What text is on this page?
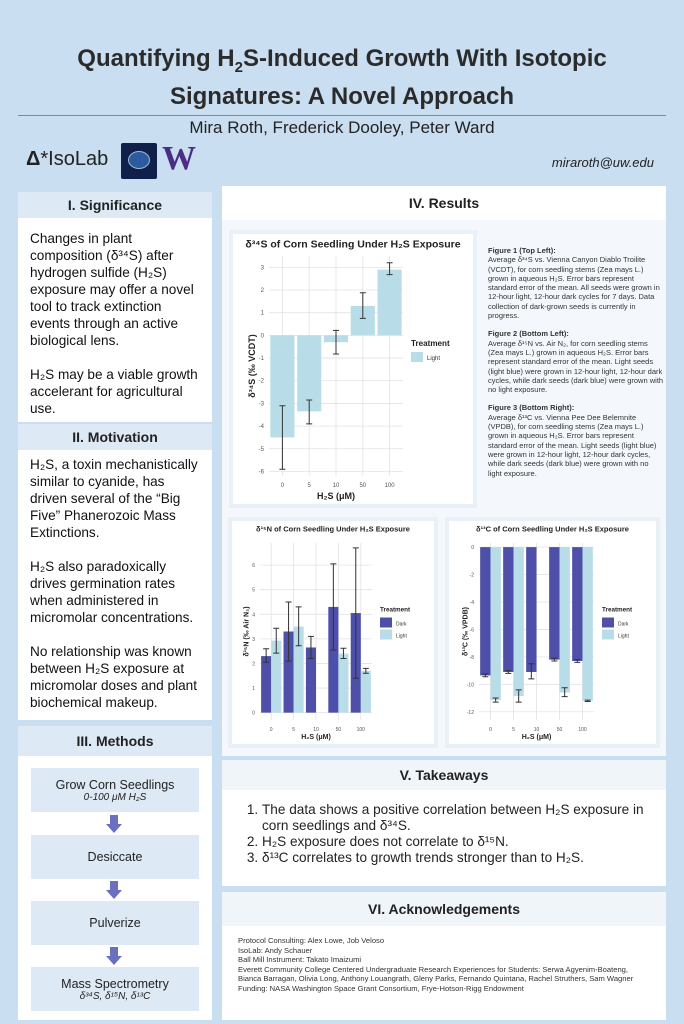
Quantifying $H_2S$-Induced Growth With Isotopic
Signatures: A Novel Approach
Mira Roth, Frederick Dooley, Peter Ward
Δ*IsoLab W	miraroth@uw.edu
I. Significance

Changes in plant composition (δ³⁴S) after hydrogen sulfide (H₂S) exposure may offer a novel tool to track extinction events through an active biological lens.

H₂S may be a viable growth accelerant for agricultural use.

II. Motivation

H₂S, a toxin mechanistically similar to cyanide, has driven several of the “Big Five” Phanerozoic Mass Extinctions.

H₂S also paradoxically drives germination rates when administered in micromolar concentrations.

No relationship was known between H₂S exposure at micromolar doses and plant biochemical makeup.

III. Methods
Grow Corn Seedlings
0-100 μM H₂S
Desiccate
Pulverize
Mass Spectrometry
δ³⁴S, δ¹⁵N, δ¹³C
IV. Results
δ³⁴S of Corn Seedling Under H₂S Exposure
-6
-5
-4
-3
-2
-1
0
1
2
3
0	5	10	50	100
H₂S (μM)
δ³⁴S (‰ VCDT)	Treatment
Light

Figure 1 (Top Left):
Average δ³⁴S vs. Vienna Canyon Diablo Troilite (VCDT), for corn seedling stems (Zea mays L.) grown in aqueous H₂S. Error bars represent standard error of the mean. All seeds were grown in 12-hour light, 12-hour dark cycles for 7 days. Data collection of dark-grown seeds is currently in progress.

Figure 2 (Bottom Left):
Average δ¹⁵N vs. Air N₂, for corn seedling stems (Zea mays L.) grown in aqueous H₂S. Error bars represent standard error of the mean. Light seeds (light blue) were grown in 12-hour light, 12-hour dark cycles, while dark seeds (dark blue) were grown with no light exposure.

Figure 3 (Bottom Right):
Average δ¹³C vs. Vienna Pee Dee Belemnite (VPDB), for corn seedling stems (Zea mays L.) grown in aqueous H₂S. Error bars represent standard error of the mean. Light seeds (light blue) were grown in 12-hour light, 12-hour dark cycles, while dark seeds (dark blue) were grown with no light exposure.

δ¹⁵N of Corn Seedling Under H₂S Exposure
0
1
2
3
4
5
6
0	5	10	50	100
H₂S (μM)
δ¹⁵N (‰ Air N₂)	Treatment
Dark
Light
δ¹³C of Corn Seedling Under H₂S Exposure
-12
-10
-8
-6
-4
-2
0
0	5	10	50	100
H₂S (μM)
δ¹³C (‰ VPDB)	Treatment
Dark
Light
V. Takeaways
1. The data shows a positive correlation between H₂S exposure in corn seedlings and δ³⁴S.
2. H₂S exposure does not correlate to δ¹⁵N.
3. δ¹³C correlates to growth trends stronger than to H₂S.
VI. Acknowledgements
Protocol Consulting: Alex Lowe, Job Veloso
IsoLab: Andy Schauer
Ball Mill Instrument: Takato Imaizumi
Everett Community College Centered Undergraduate Research Experiences for Students: Serwa Agyenim-Boateng, Bianca Barragan, Olivia Long, Anthony Louangrath, Gleny Parks, Fernando Quintana, Rachel Struthers, Sam Wagner
Funding: NASA Washington Space Grant Consortium, Frye-Hotson-Rigg Endowment
